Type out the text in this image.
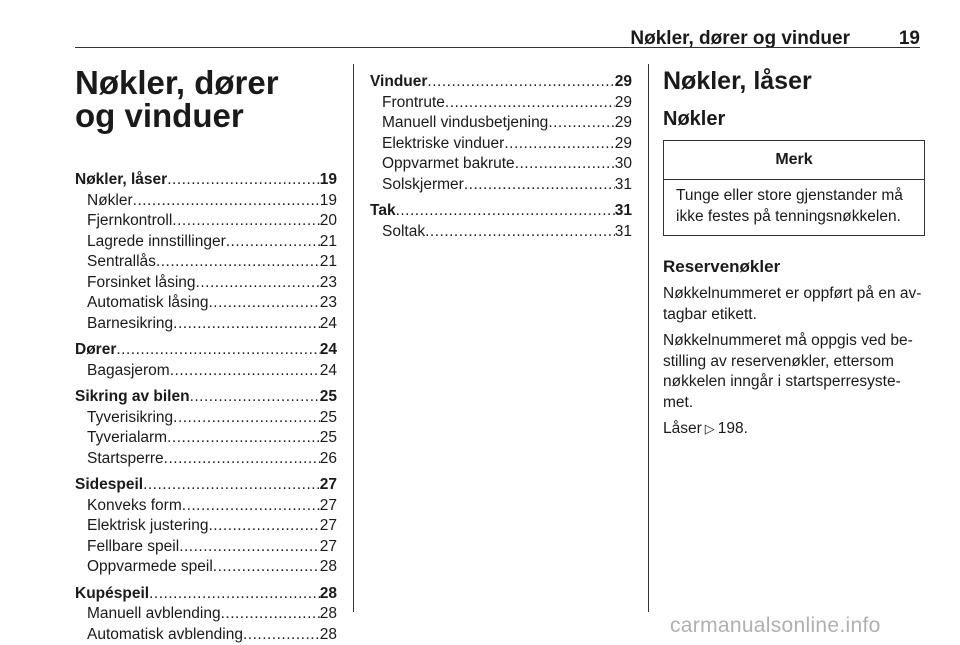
Nøkler, dører og vinduer	19
Nøkler, dører og vinduer
Nøkler, låser .....	19
Nøkler .....	19
Fjernkontroll .....	20
Lagrede innstillinger .....	21
Sentrallås .....	21
Forsinket låsing .....	23
Automatisk låsing .....	23
Barnesikring .....	24
Dører .....	24
Bagasjerom .....	24
Sikring av bilen .....	25
Tyverisikring .....	25
Tyverialarm .....	25
Startsperre .....	26
Sidespeil .....	27
Konveks form .....	27
Elektrisk justering .....	27
Fellbare speil .....	27
Oppvarmede speil .....	28
Kupéspeil .....	28
Manuell avblending .....	28
Automatisk avblending .....	28
Vinduer .....	29
Frontrute .....	29
Manuell vindusbetjening .....	29
Elektriske vinduer .....	29
Oppvarmet bakrute .....	30
Solskjermer .....	31
Tak .....	31
Soltak .....	31
Nøkler, låser
Nøkler
Merk
Tunge eller store gjenstander må ikke festes på tenningsnøkkelen.
Reservenøkler
Nøkkelnummeret er oppført på en av-tagbar etikett.
Nøkkelnummeret må oppgis ved be-stilling av reservenøkler, ettersom nøkkelen inngår i startsperresyste-met.
Låser ▷ 198.
carmanualsonline.info
